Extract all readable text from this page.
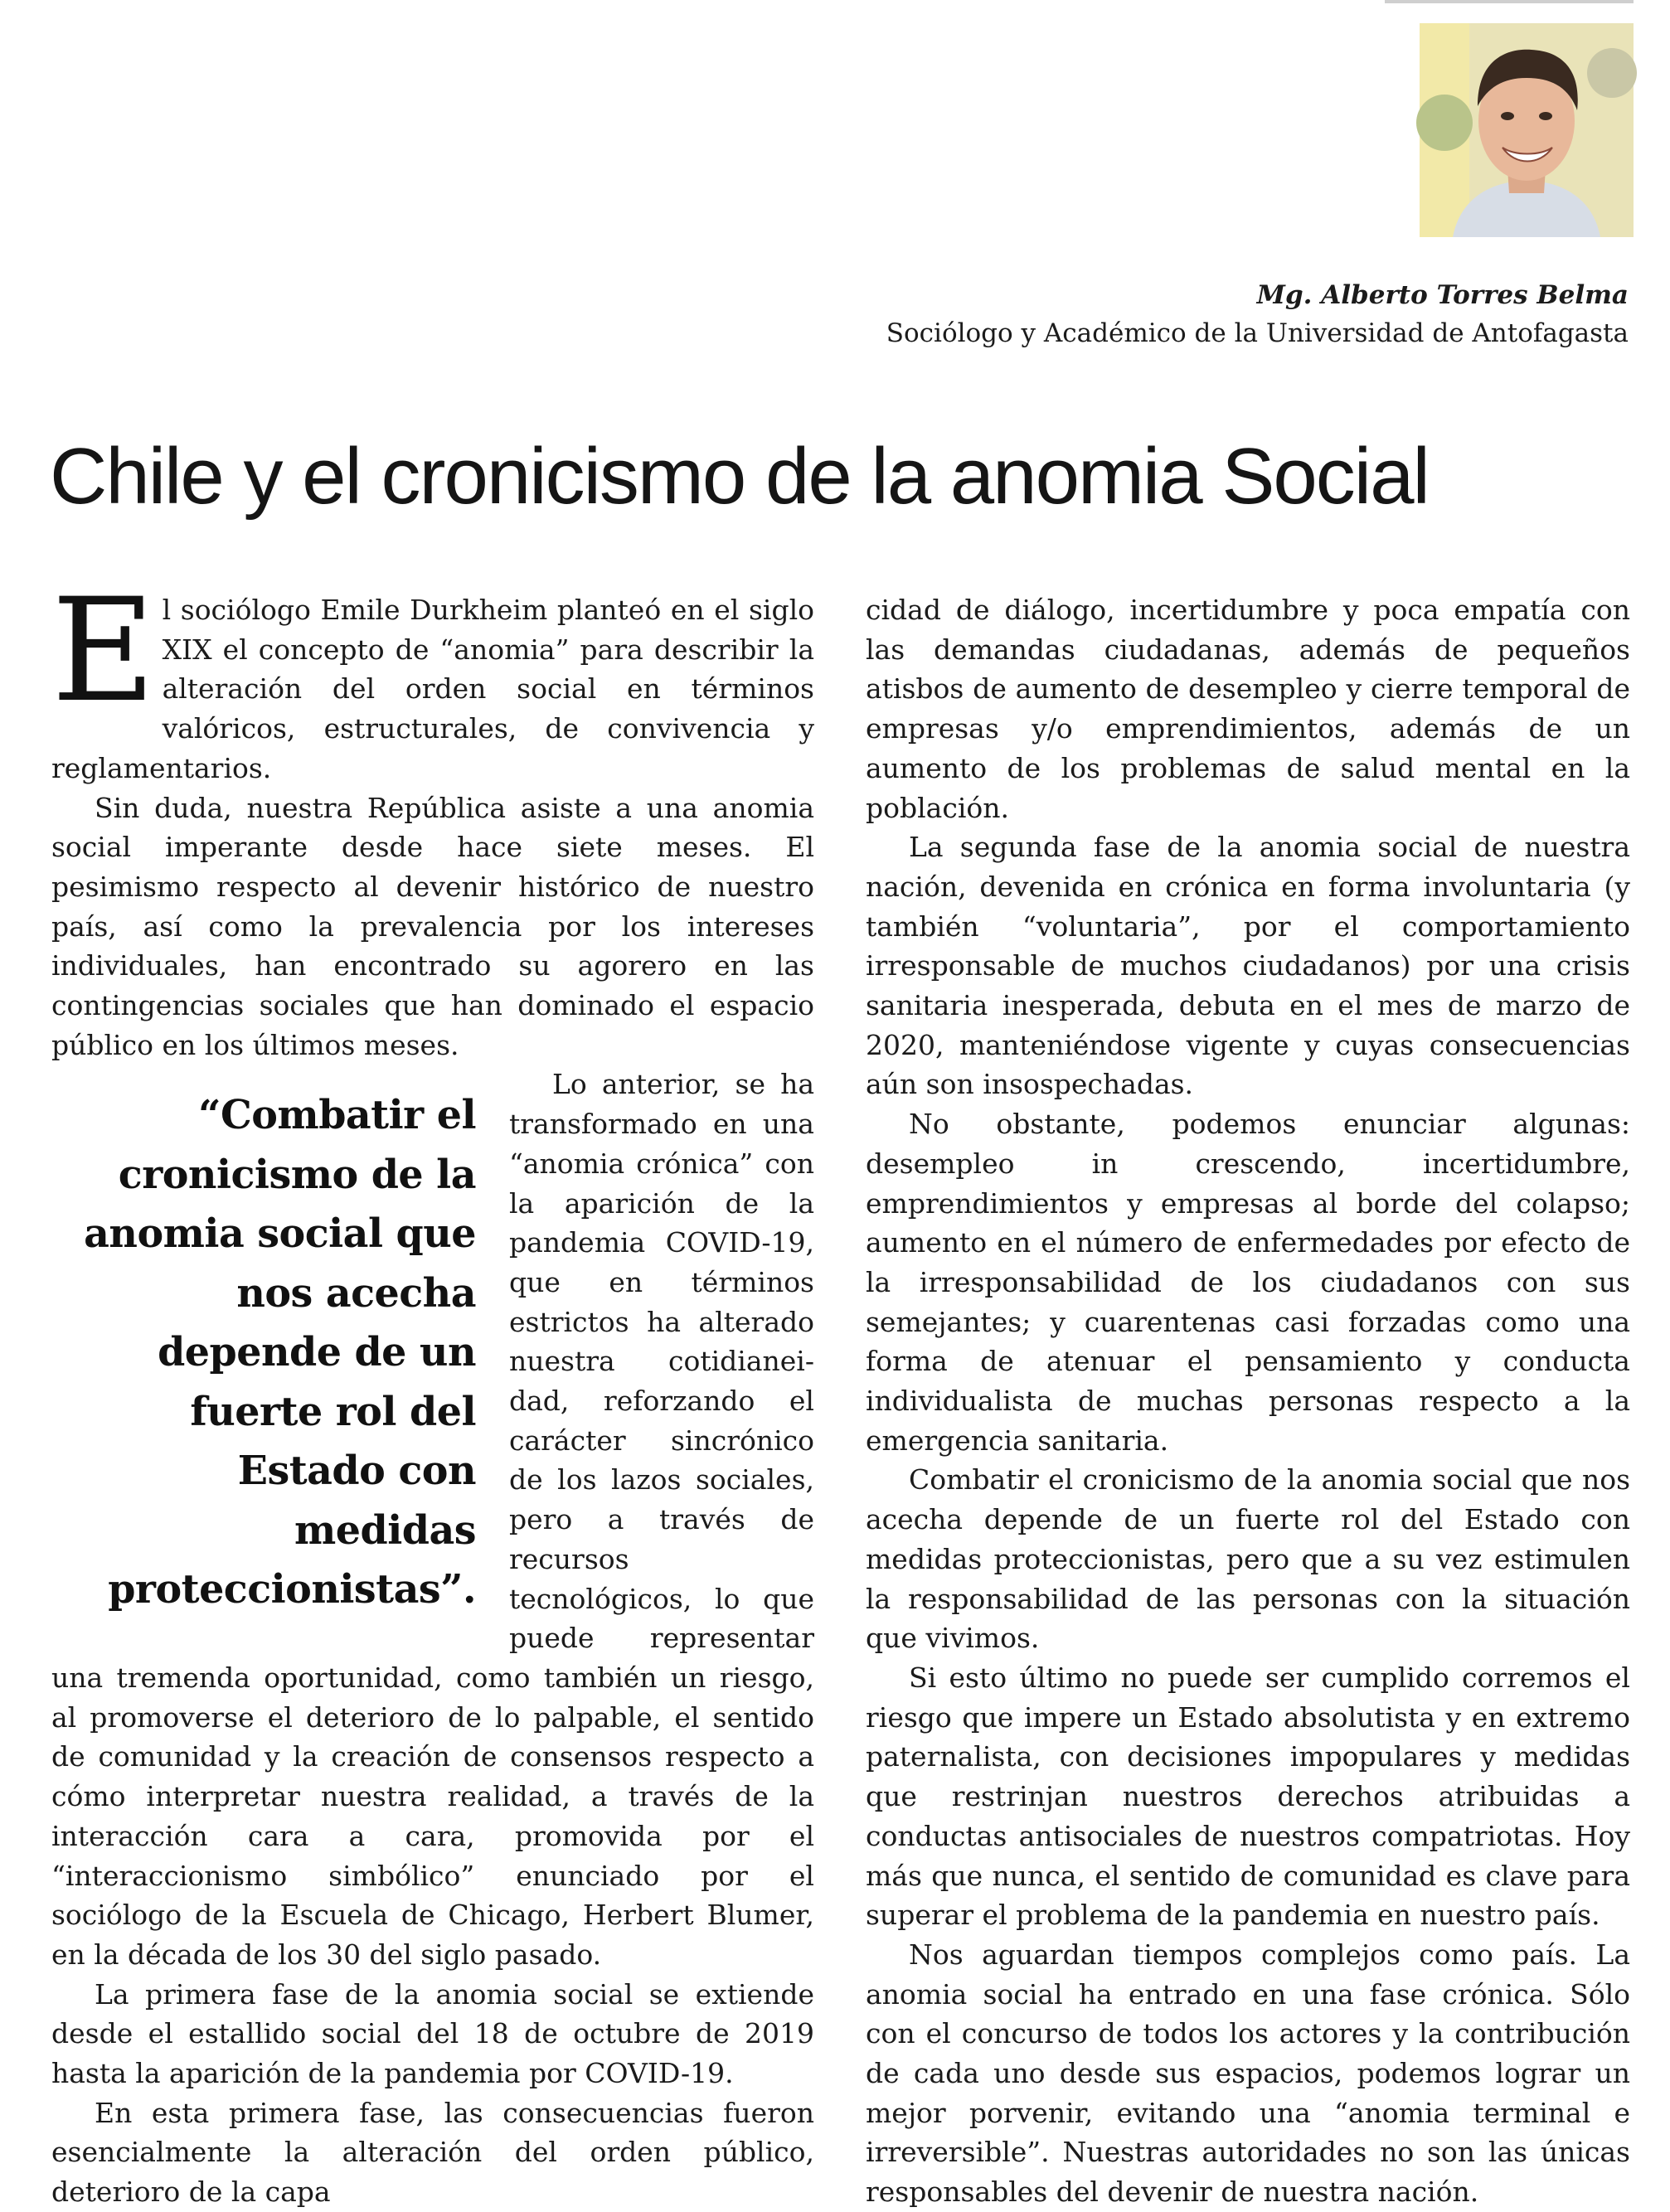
Mg. Alberto Torres Belma
Sociólogo y Académico de la Universidad de Antofagasta
Chile y el cronicismo de la anomia Social

El sociólogo Emile Durkheim planteó en el siglo XIX el concepto de “anomia” para describir la alteración del orden social en términos valóricos, estructurales, de convivencia y reglamentarios.

Sin duda, nuestra República asiste a una anomia social imperante desde hace siete meses. El pesimismo respecto al devenir histórico de nuestro país, así como la prevalencia por los intereses individuales, han encontrado su agorero en las contingencias sociales que han dominado el espacio público en los últimos meses.

“Combatir el cronicismo de la anomia social que nos acecha depende de un fuerte rol del Estado con medidas proteccionistas”.

Lo anterior, se ha transformado en una “anomia crónica” con la aparición de la pandemia COVID-19, que en términos estrictos ha alterado nuestra cotidianeidad, reforzando el carácter sincrónico de los lazos sociales, pero a través de recursos tecnológicos, lo que puede representar una tremenda oportunidad, como también un riesgo, al promoverse el deterioro de lo palpable, el sentido de comunidad y la creación de consensos respecto a cómo interpretar nuestra realidad, a través de la interacción cara a cara, promovida por el “interaccionismo simbólico” enunciado por el sociólogo de la Escuela de Chicago, Herbert Blumer, en la década de los 30 del siglo pasado.

La primera fase de la anomia social se extiende desde el estallido social del 18 de octubre de 2019 hasta la aparición de la pandemia por COVID-19.

En esta primera fase, las consecuencias fueron esencialmente la alteración del orden público, deterioro de la capa

cidad de diálogo, incertidumbre y poca empatía con las demandas ciudadanas, además de pequeños atisbos de aumento de desempleo y cierre temporal de empresas y/o emprendimientos, además de un aumento de los problemas de salud mental en la población.

La segunda fase de la anomia social de nuestra nación, devenida en crónica en forma involuntaria (y también “voluntaria”, por el comportamiento irresponsable de muchos ciudadanos) por una crisis sanitaria inesperada, debuta en el mes de marzo de 2020, manteniéndose vigente y cuyas consecuencias aún son insospechadas.

No obstante, podemos enunciar algunas: desempleo in crescendo, incertidumbre, emprendimientos y empresas al borde del colapso; aumento en el número de enfermedades por efecto de la irresponsabilidad de los ciudadanos con sus semejantes; y cuarentenas casi forzadas como una forma de atenuar el pensamiento y conducta individualista de muchas personas respecto a la emergencia sanitaria.

Combatir el cronicismo de la anomia social que nos acecha depende de un fuerte rol del Estado con medidas proteccionistas, pero que a su vez estimulen la responsabilidad de las personas con la situación que vivimos.

Si esto último no puede ser cumplido corremos el riesgo que impere un Estado absolutista y en extremo paternalista, con decisiones impopulares y medidas que restrinjan nuestros derechos atribuidas a conductas antisociales de nuestros compatriotas. Hoy más que nunca, el sentido de comunidad es clave para superar el problema de la pandemia en nuestro país.

Nos aguardan tiempos complejos como país. La anomia social ha entrado en una fase crónica. Sólo con el concurso de todos los actores y la contribución de cada uno desde sus espacios, podemos lograr un mejor porvenir, evitando una “anomia terminal e irreversible”. Nuestras autoridades no son las únicas responsables del devenir de nuestra nación.
